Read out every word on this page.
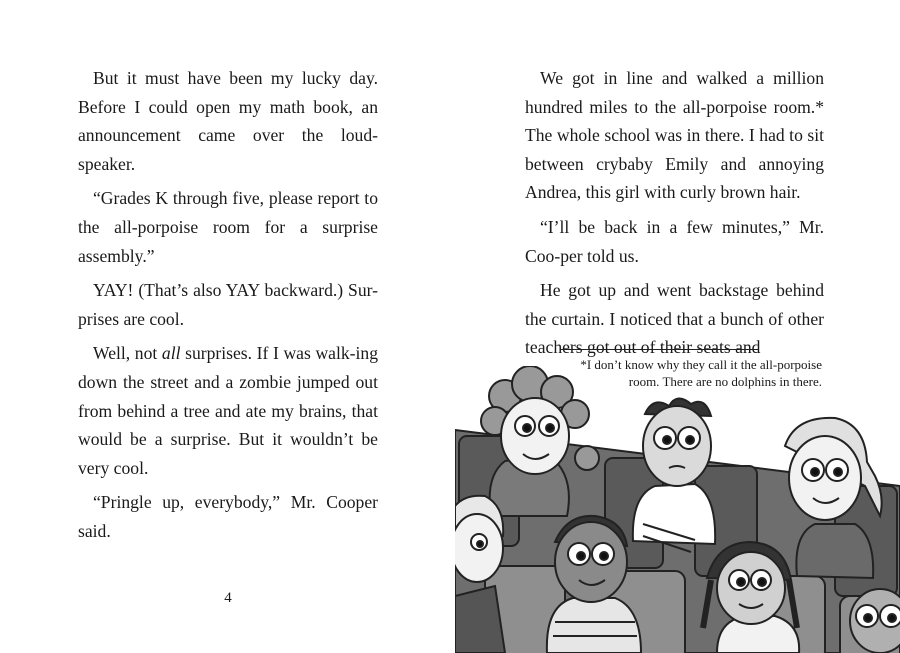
But it must have been my lucky day. Before I could open my math book, an announcement came over the loud-speaker.

“Grades K through five, please report to the all-porpoise room for a surprise assembly.”

YAY! (That’s also YAY backward.) Sur-prises are cool.

Well, not all surprises. If I was walk-ing down the street and a zombie jumped out from behind a tree and ate my brains, that would be a surprise. But it wouldn’t be very cool.

“Pringle up, everybody,” Mr. Cooper said.

4

We got in line and walked a million hundred miles to the all-porpoise room.* The whole school was in there. I had to sit between crybaby Emily and annoying Andrea, this girl with curly brown hair.

“I’ll be back in a few minutes,” Mr. Coo-per told us.

He got up and went backstage behind the curtain. I noticed that a bunch of other teachers got out of their seats and

*I don’t know why they call it the all-porpoise room. There are no dolphins in there.
